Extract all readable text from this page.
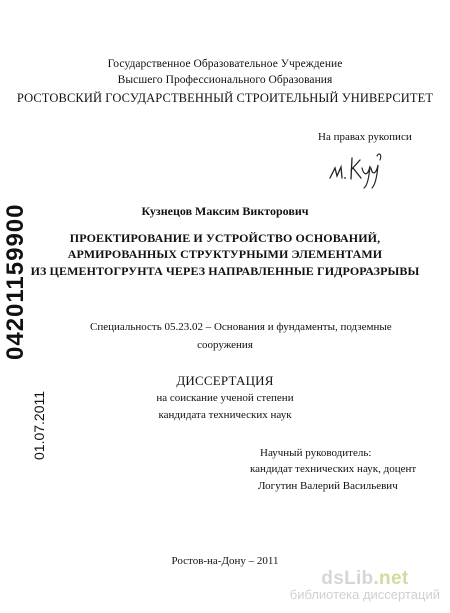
Государственное Образовательное Учреждение
Высшего Профессионального Образования
РОСТОВСКИЙ ГОСУДАРСТВЕННЫЙ СТРОИТЕЛЬНЫЙ УНИВЕРСИТЕТ
На правах рукописи
Кузнецов Максим Викторович
ПРОЕКТИРОВАНИЕ И УСТРОЙСТВО ОСНОВАНИЙ,
АРМИРОВАННЫХ СТРУКТУРНЫМИ ЭЛЕМЕНТАМИ
ИЗ ЦЕМЕНТОГРУНТА ЧЕРЕЗ НАПРАВЛЕННЫЕ ГИДРОРАЗРЫВЫ
Специальность 05.23.02 – Основания и фундаменты, подземные
сооружения
ДИССЕРТАЦИЯ
на соискание ученой степени
кандидата технических наук
Научный руководитель:
кандидат технических наук, доцент
Логутин Валерий Васильевич
Ростов-на-Дону – 2011
04201159900
01.07.2011
dsLib.net
библиотека диссертаций
